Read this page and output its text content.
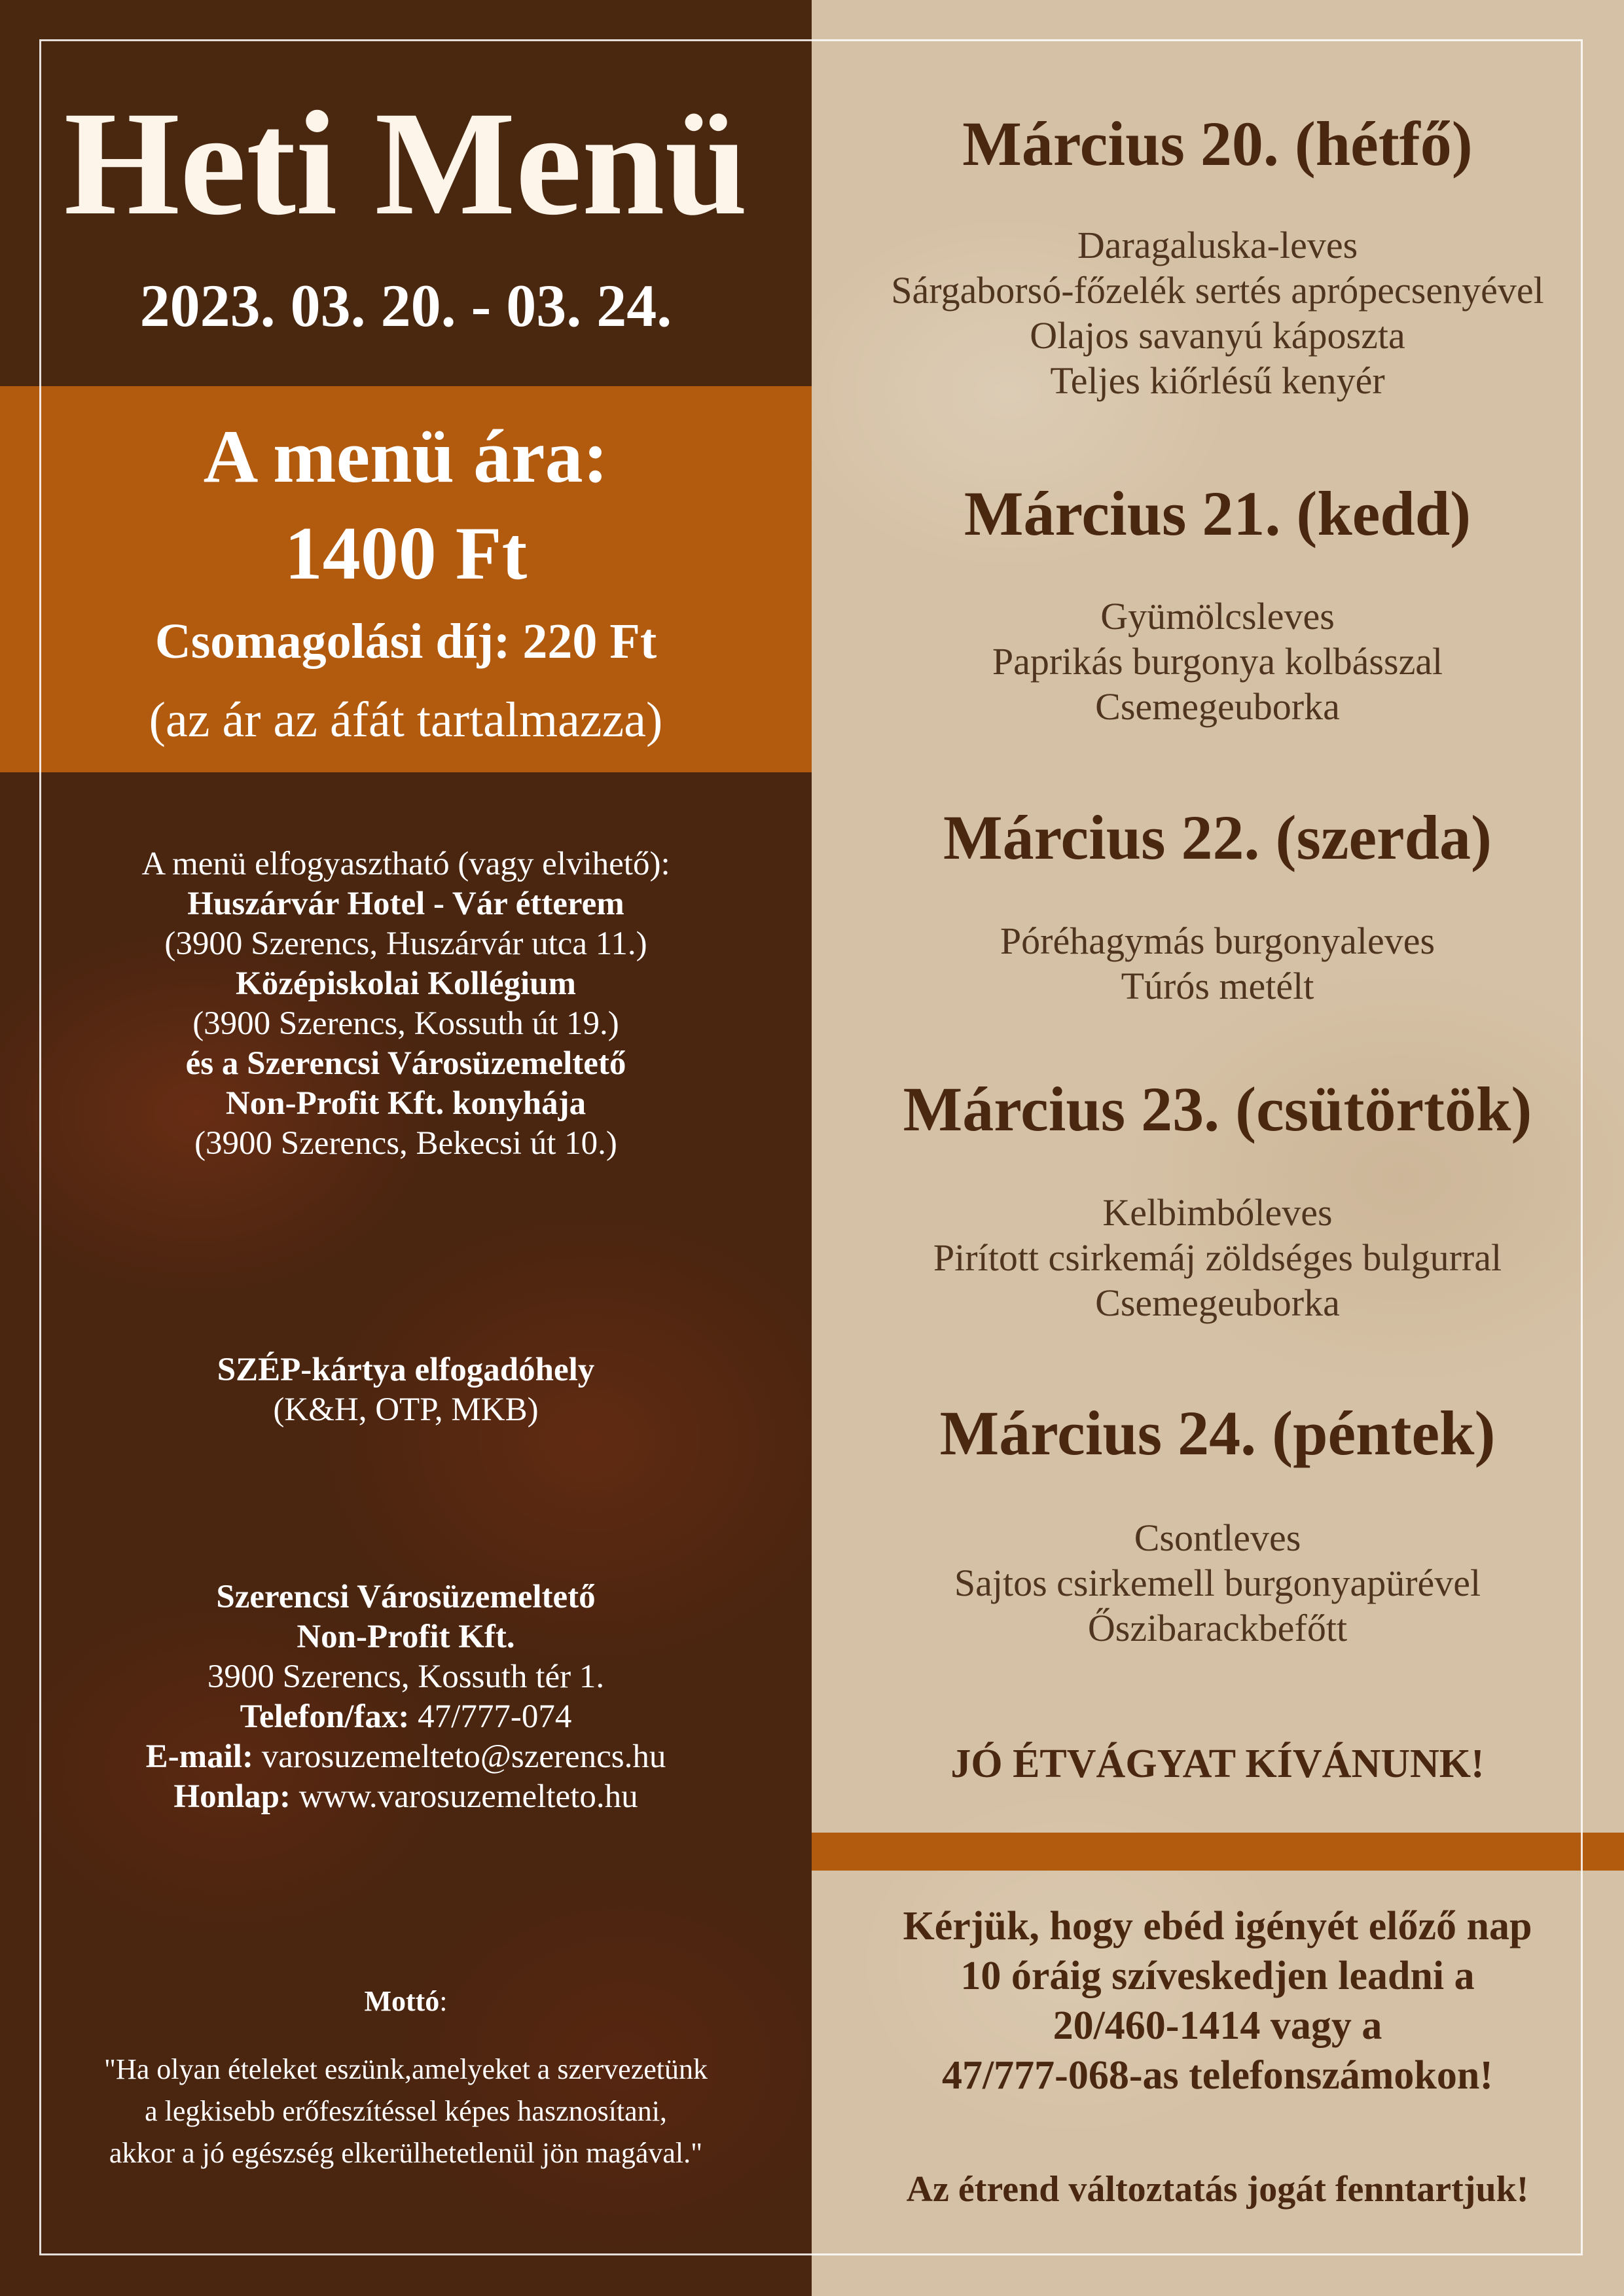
Heti Menü
2023. 03. 20. - 03. 24.
A menü ára:
1400 Ft
Csomagolási díj: 220 Ft
(az ár az áfát tartalmazza)
A menü elfogyasztható (vagy elvihető):
Huszárvár Hotel - Vár étterem
(3900 Szerencs, Huszárvár utca 11.)
Középiskolai Kollégium
(3900 Szerencs, Kossuth út 19.)
és a Szerencsi Városüzemeltető
Non-Profit Kft. konyhája
(3900 Szerencs, Bekecsi út 10.)
SZÉP-kártya elfogadóhely
(K&H, OTP, MKB)
Szerencsi Városüzemeltető
Non-Profit Kft.
3900 Szerencs, Kossuth tér 1.
Telefon/fax: 47/777-074
E-mail: varosuzemelteto@szerencs.hu
Honlap: www.varosuzemelteto.hu
Mottó:
"Ha olyan ételeket eszünk,amelyeket a szervezetünk
a legkisebb erőfeszítéssel képes hasznosítani,
akkor a jó egészség elkerülhetetlenül jön magával."
Március 20. (hétfő)
Daragaluska-leves
Sárgaborsó-főzelék sertés aprópecsenyével
Olajos savanyú káposzta
Teljes kiőrlésű kenyér
Március 21. (kedd)
Gyümölcsleves
Paprikás burgonya kolbásszal
Csemegeuborka
Március 22. (szerda)
Póréhagymás burgonyaleves
Túrós metélt
Március 23. (csütörtök)
Kelbimbóleves
Pirított csirkemáj zöldséges bulgurral
Csemegeuborka
Március 24. (péntek)
Csontleves
Sajtos csirkemell burgonyapürével
Őszibarackbefőtt
JÓ ÉTVÁGYAT KÍVÁNUNK!
Kérjük, hogy ebéd igényét előző nap
10 óráig szíveskedjen leadni a
20/460-1414 vagy a
47/777-068-as telefonszámokon!
Az étrend változtatás jogát fenntartjuk!
